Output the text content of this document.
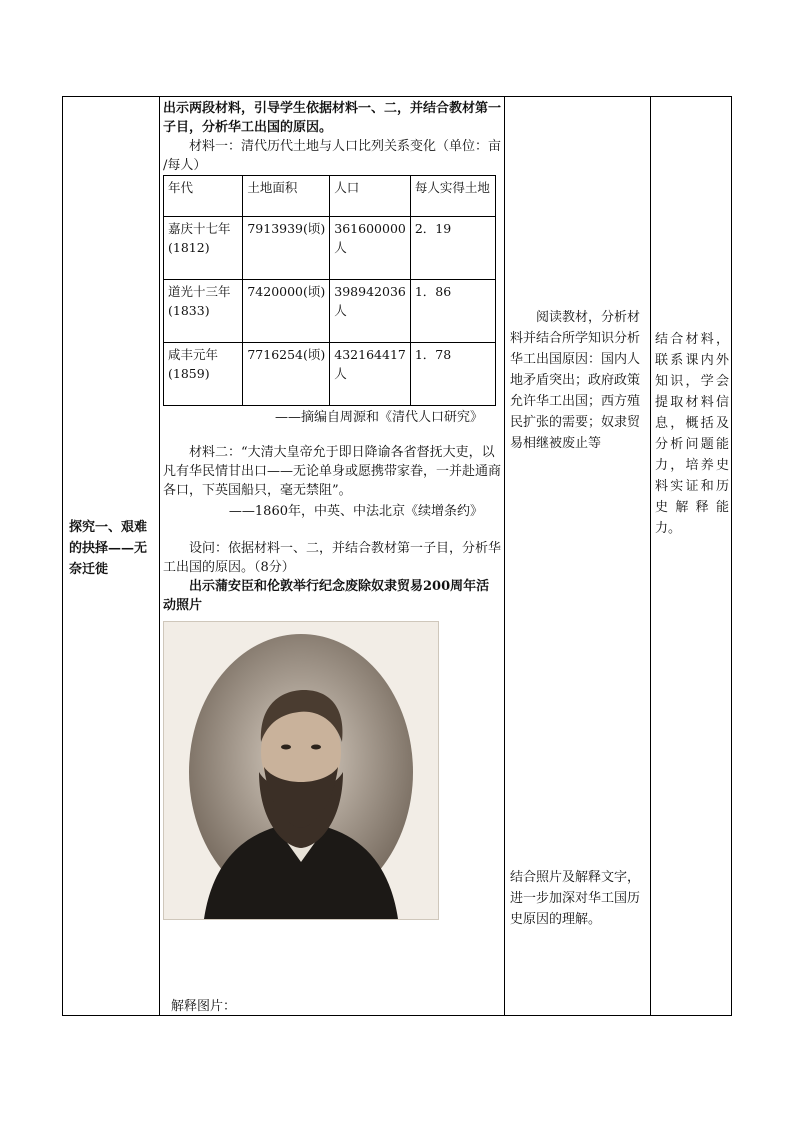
探究一、艰难的抉择——无奈迁徙
出示两段材料，引导学生依据材料一、二，并结合教材第一子目，分析华工出国的原因。
材料一：清代历代土地与人口比列关系变化（单位：亩 /每人）
年代	土地面积	人口	每人实得土地
嘉庆十七年(1812)	7913939(顷)	361600000人	2．19
道光十三年(1833)	7420000(顷)	398942036人	1．86
咸丰元年(1859)	7716254(顷)	432164417人	1．78
——摘编自周源和《清代人口研究》
材料二：“大清大皇帝允于即日降谕各省督抚大吏，以凡有华民情甘出口——无论单身或愿携带家眷，一并赴通商各口，下英国船只，毫无禁阻”。
——1860年，中英、中法北京《续增条约》
设问：依据材料一、二，并结合教材第一子目，分析华工出国的原因。（8分）
出示蒲安臣和伦敦举行纪念废除奴隶贸易200周年活动照片
解释图片：
阅读教材，分析材料并结合所学知识分析华工出国原因：国内人地矛盾突出；政府政策允许华工出国；西方殖民扩张的需要；奴隶贸易相继被废止等
结合照片及解释文字，进一步加深对华工国历史原因的理解。
结合材料，联系课内外知识，学会提取材料信息，概括及分析问题能力，培养史料实证和历史解释能力。
